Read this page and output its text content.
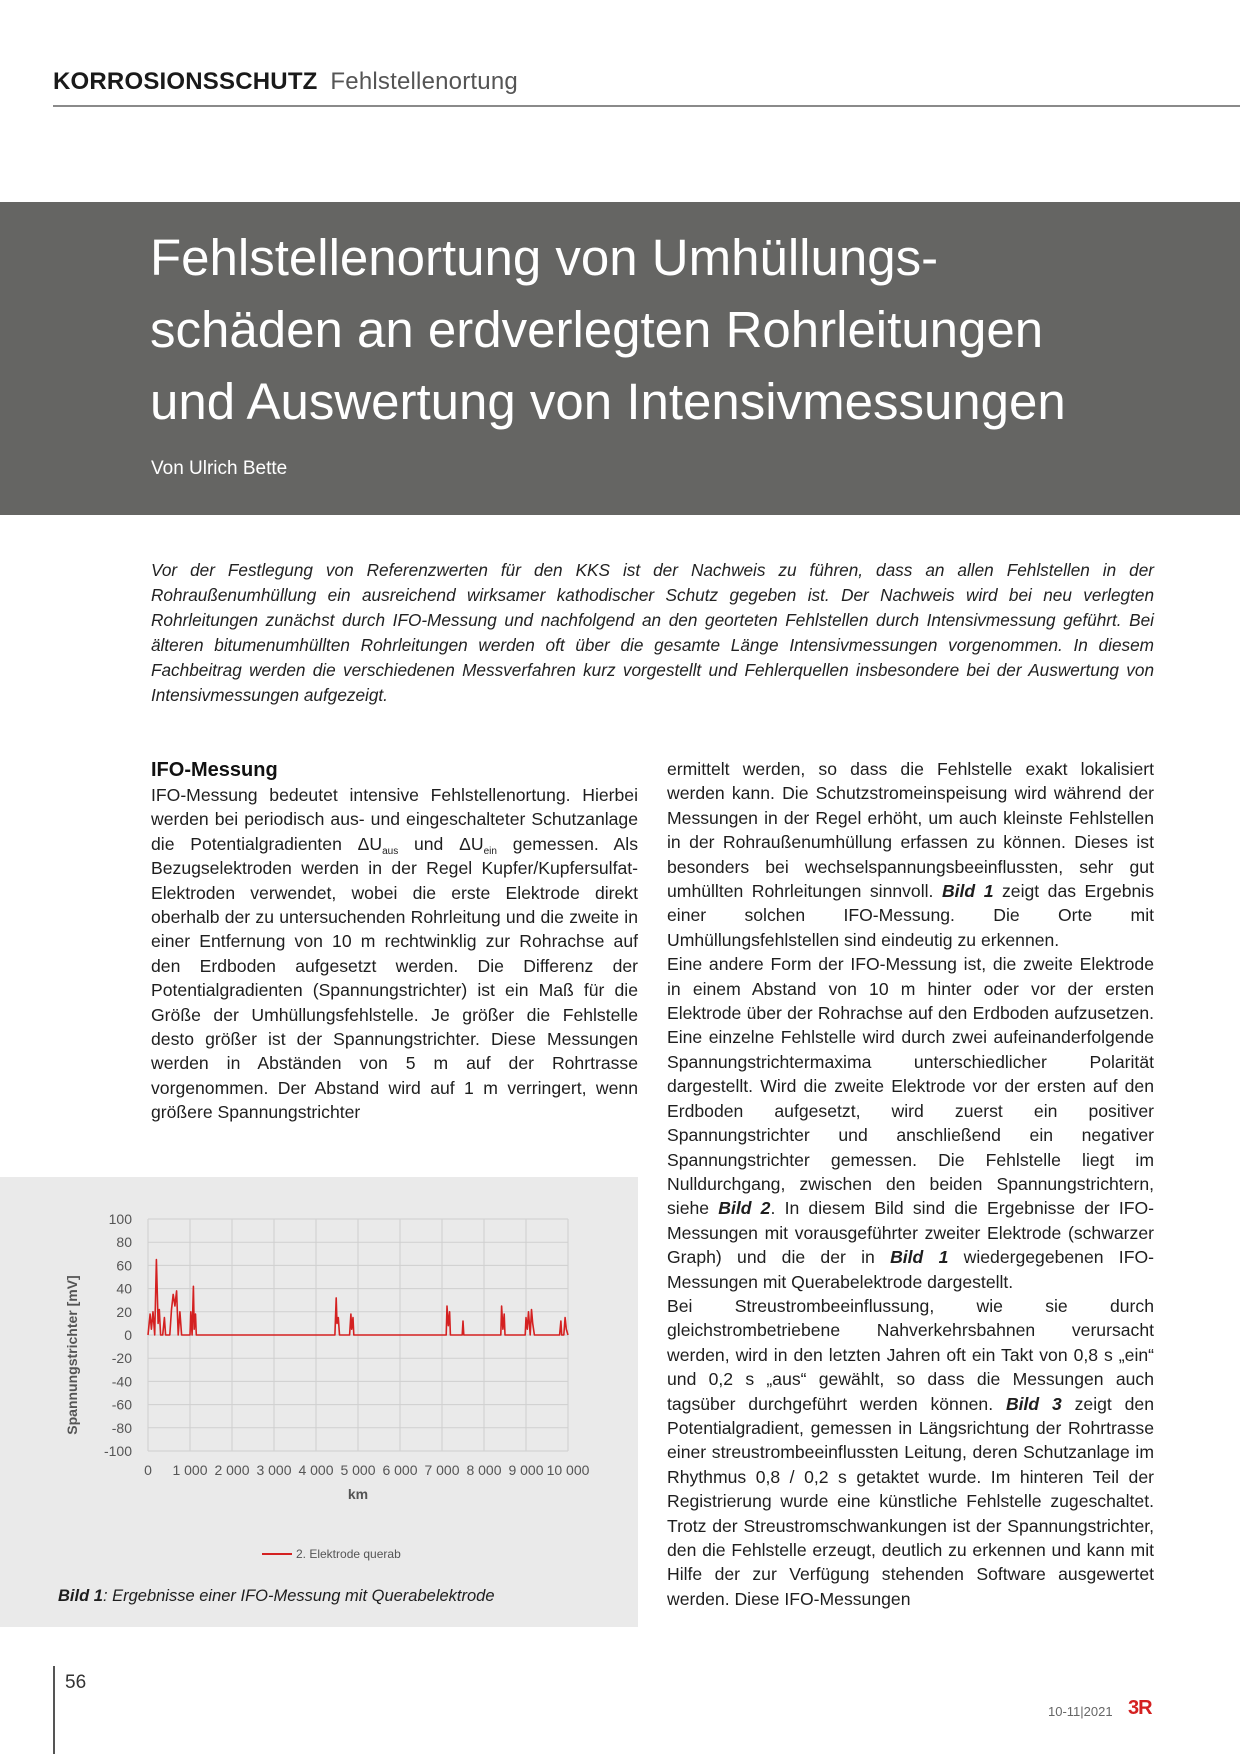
KORROSIONSSCHUTZ Fehlstellenortung
Fehlstellenortung von Umhüllungs-
schäden an erdverlegten Rohrleitungen
und Auswertung von Intensivmessungen
Von Ulrich Bette

Vor der Festlegung von Referenzwerten für den KKS ist der Nachweis zu führen, dass an allen Fehlstellen in der Rohraußenumhüllung ein ausreichend wirksamer kathodischer Schutz gegeben ist. Der Nachweis wird bei neu verlegten Rohrleitungen zunächst durch IFO-Messung und nachfolgend an den georteten Fehlstellen durch Intensivmessung geführt. Bei älteren bitumenumhüllten Rohrleitungen werden oft über die gesamte Länge Intensivmessungen vorgenommen. In diesem Fachbeitrag werden die verschiedenen Messverfahren kurz vorgestellt und Fehlerquellen insbesondere bei der Auswertung von Intensivmessungen aufgezeigt.

IFO-Messung

IFO-Messung bedeutet intensive Fehlstellenortung. Hierbei werden bei periodisch aus- und eingeschalteter Schutzanlage die Potentialgradienten $\Delta U_{aus}$ und $\Delta U_{ein}$ gemessen. Als Bezugselektroden werden in der Regel Kupfer/Kupfersulfat-Elektroden verwendet, wobei die erste Elektrode direkt oberhalb der zu untersuchenden Rohrleitung und die zweite in einer Entfernung von 10 m rechtwinklig zur Rohrachse auf den Erdboden aufgesetzt werden. Die Differenz der Potentialgradienten (Spannungstrichter) ist ein Maß für die Größe der Umhüllungsfehlstelle. Je größer die Fehlstelle desto größer ist der Spannungstrichter. Diese Messungen werden in Abständen von 5 m auf der Rohrtrasse vorgenommen. Der Abstand wird auf 1 m verringert, wenn größere Spannungstrichter

ermittelt werden, so dass die Fehlstelle exakt lokalisiert werden kann. Die Schutzstromeinspeisung wird während der Messungen in der Regel erhöht, um auch kleinste Fehlstellen in der Rohraußenumhüllung erfassen zu können. Dieses ist besonders bei wechselspannungsbeeinflussten, sehr gut umhüllten Rohrleitungen sinnvoll. Bild 1 zeigt das Ergebnis einer solchen IFO-Messung. Die Orte mit Umhüllungsfehlstellen sind eindeutig zu erkennen.

Eine andere Form der IFO-Messung ist, die zweite Elektrode in einem Abstand von 10 m hinter oder vor der ersten Elektrode über der Rohrachse auf den Erdboden aufzusetzen. Eine einzelne Fehlstelle wird durch zwei aufeinanderfolgende Spannungstrichtermaxima unterschiedlicher Polarität dargestellt. Wird die zweite Elektrode vor der ersten auf den Erdboden aufgesetzt, wird zuerst ein positiver Spannungstrichter und anschließend ein negativer Spannungstrichter gemessen. Die Fehlstelle liegt im Nulldurchgang, zwischen den beiden Spannungstrichtern, siehe Bild 2. In diesem Bild sind die Ergebnisse der IFO-Messungen mit vorausgeführter zweiter Elektrode (schwarzer Graph) und die der in Bild 1 wiedergegebenen IFO-Messungen mit Querabelektrode dargestellt.

Bei Streustrombeeinflussung, wie sie durch gleichstrombetriebene Nahverkehrsbahnen verursacht werden, wird in den letzten Jahren oft ein Takt von 0,8 s „ein“ und 0,2 s „aus“ gewählt, so dass die Messungen auch tagsüber durchgeführt werden können. Bild 3 zeigt den Potentialgradient, gemessen in Längsrichtung der Rohrtrasse einer streustrombeeinflussten Leitung, deren Schutzanlage im Rhythmus 0,8 / 0,2 s getaktet wurde. Im hinteren Teil der Registrierung wurde eine künstliche Fehlstelle zugeschaltet. Trotz der Streustromschwankungen ist der Spannungstrichter, den die Fehlstelle erzeugt, deutlich zu erkennen und kann mit Hilfe der zur Verfügung stehenden Software ausgewertet werden. Diese IFO-Messungen

100
80
60
40
20
0
-20
-40
-60
-80
-100
0 1 000 2 000 3 000 4 000 5 000 6 000 7 000 8 000 9 000 10 000
km
Spannungstrichter [mV]
2. Elektrode querab
Bild 1: Ergebnisse einer IFO-Messung mit Querabelektrode
56
10-11|2021 3R
